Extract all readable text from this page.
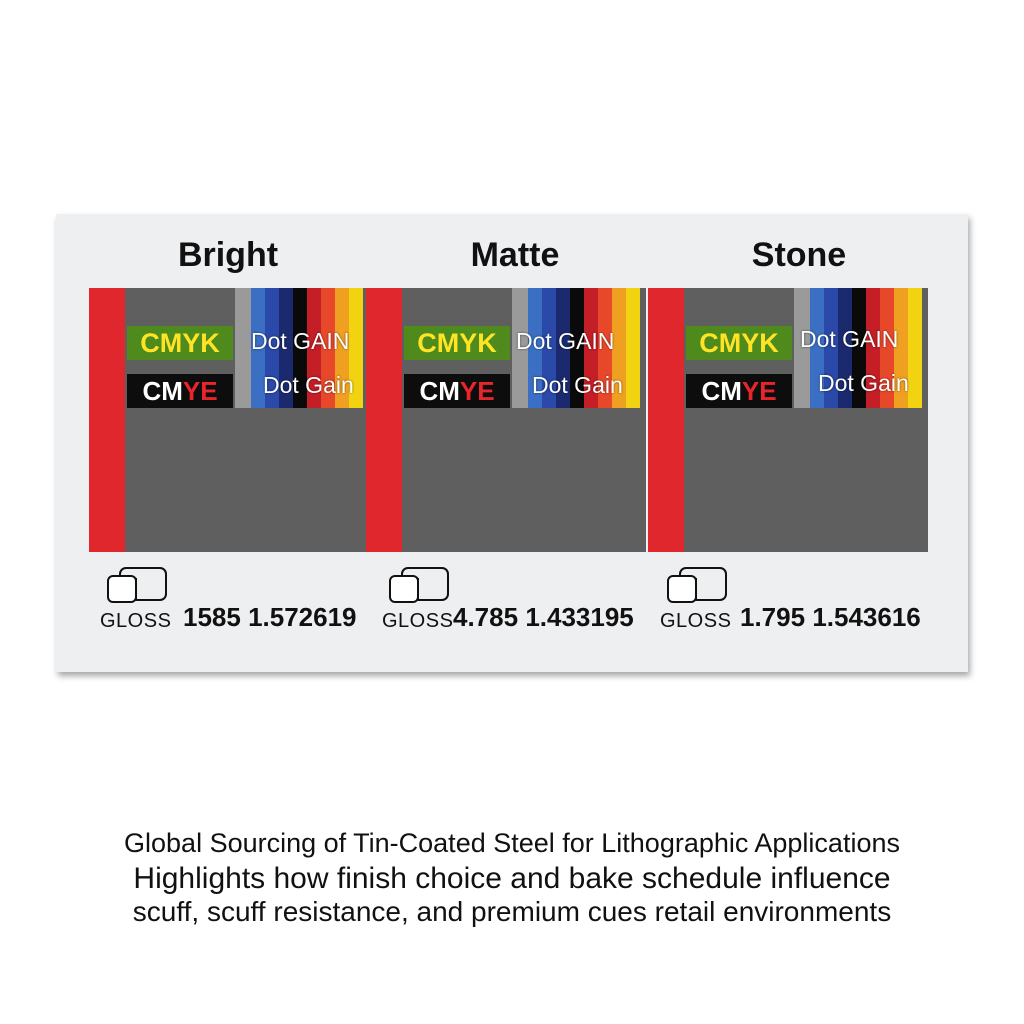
Bright
CMYK
CMYE
Dot GAIN
Dot Gain
GLOSS 1585 1.572619
Matte
CMYK
CMYE
Dot GAIN
Dot Gain
GLOSS 4.785 1.433195
Stone
CMYK
CMYE
Dot GAIN
Dot Gain
GLOSS 1.795 1.543616
Global Sourcing of Tin-Coated Steel for Lithographic Applications
Highlights how finish choice and bake schedule influence
scuff, scuff resistance, and premium cues retail environments
